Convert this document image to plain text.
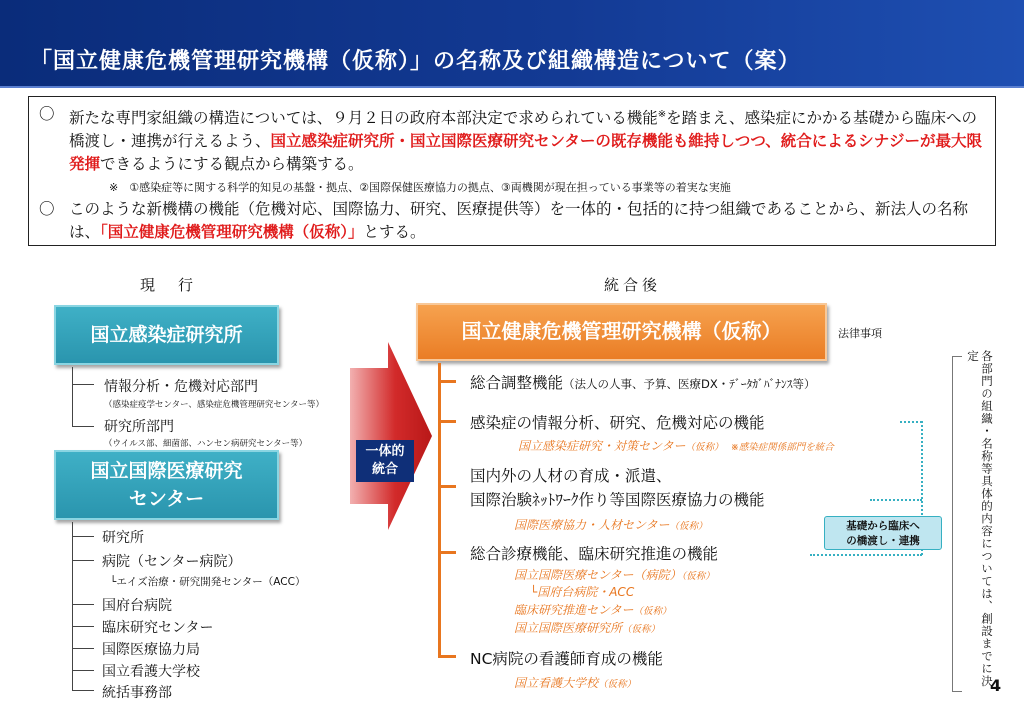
「国立健康危機管理研究機構（仮称）」の名称及び組織構造について（案）
〇 新たな専門家組織の構造については、９月２日の政府本部決定で求められている機能※を踏まえ、感染症にかかる基礎から臨床への橋渡し・連携が行えるよう、国立感染症研究所・国立国際医療研究センターの既存機能も維持しつつ、統合によるシナジーが最大限発揮できるようにする観点から構築する。
※　①感染症等に関する科学的知見の基盤・拠点、②国際保健医療協力の拠点、③両機関が現在担っている事業等の着実な実施
〇 このような新機構の機能（危機対応、国際協力、研究、医療提供等）を一体的・包括的に持つ組織であることから、新法人の名称は、「国立健康危機管理研究機構（仮称）」とする。
現　行	統合後
国立感染症研究所
情報分析・危機対応部門
（感染症疫学センター、感染症危機管理研究センター等）
研究所部門
（ウイルス部、細菌部、ハンセン病研究センター等）
国立国際医療研究
センター
研究所
病院（センター病院）
└エイズ治療・研究開発センター（ACC）
国府台病院
臨床研究センター
国際医療協力局
国立看護大学校
統括事務部
一体的
統合
国立健康危機管理研究機構（仮称）	法律事項
総合調整機能（法人の人事、予算、医療DX・ﾃﾞｰﾀｶﾞﾊﾞﾅﾝｽ等）
感染症の情報分析、研究、危機対応の機能
国立感染症研究・対策センター（仮称）　 ※感染症関係部門を統合
国内外の人材の育成・派遣、
国際治験ﾈｯﾄﾜｰｸ作り等国際医療協力の機能
国際医療協力・人材センター（仮称）
総合診療機能、臨床研究推進の機能
国立国際医療センター（病院）（仮称）
└国府台病院・ACC
臨床研究推進センター（仮称）
国立国際医療研究所（仮称）
NC病院の看護師育成の機能
国立看護大学校（仮称）
基礎から臨床へ
の橋渡し・連携	各部門の組織・名称等具体的内容については、創設までに決定
4
